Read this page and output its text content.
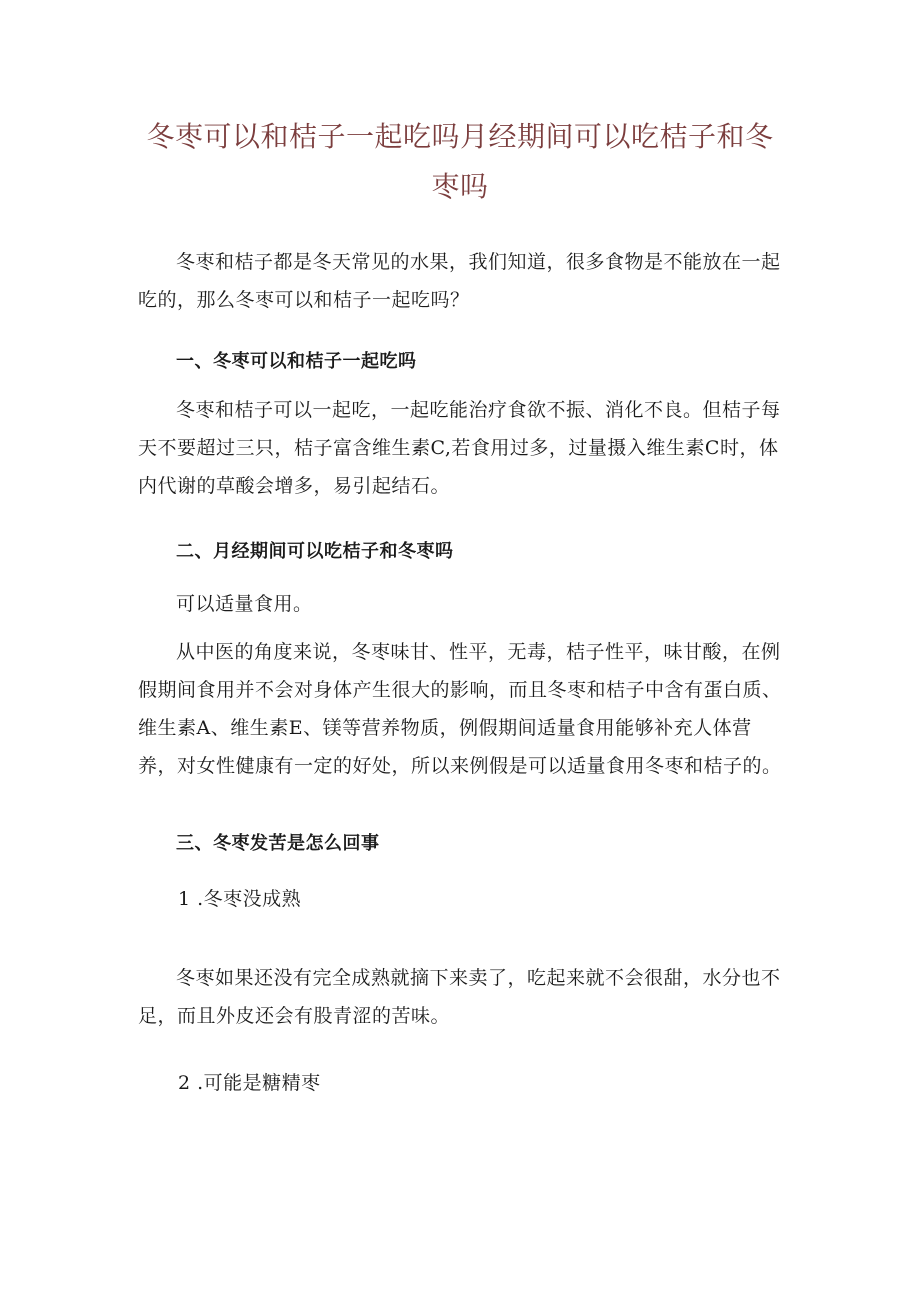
冬枣可以和桔子一起吃吗月经期间可以吃桔子和冬枣吗

冬枣和桔子都是冬天常见的水果，我们知道，很多食物是不能放在一起吃的，那么冬枣可以和桔子一起吃吗？

一、冬枣可以和桔子一起吃吗

冬枣和桔子可以一起吃，一起吃能治疗食欲不振、消化不良。但桔子每天不要超过三只，桔子富含维生素C,若食用过多，过量摄入维生素C时，体内代谢的草酸会增多，易引起结石。

二、月经期间可以吃桔子和冬枣吗

可以适量食用。

从中医的角度来说，冬枣味甘、性平，无毒，桔子性平，味甘酸，在例假期间食用并不会对身体产生很大的影响，而且冬枣和桔子中含有蛋白质、维生素A、维生素E、镁等营养物质，例假期间适量食用能够补充人体营养，对女性健康有一定的好处，所以来例假是可以适量食用冬枣和桔子的。

三、冬枣发苦是怎么回事

1 .冬枣没成熟

冬枣如果还没有完全成熟就摘下来卖了，吃起来就不会很甜，水分也不足，而且外皮还会有股青涩的苦味。

2 .可能是糖精枣
